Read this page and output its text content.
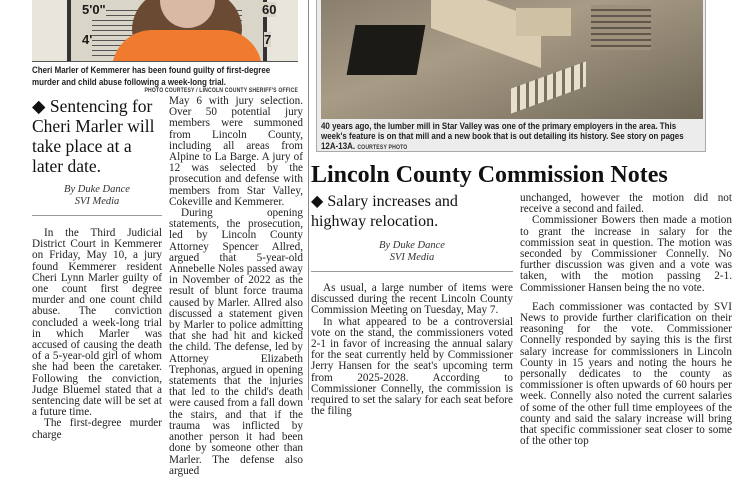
5'0"	60
4'	7
Cheri Marler of Kemmerer has been found guilty of first-degree murder and child abuse following a week-long trial.
PHOTO COURTESY / LINCOLN COUNTY SHERIFF'S OFFICE
◆ Sentencing for Cheri Marler will take place at a later date.
By Duke Dance
SVI Media

In the Third Judicial District Court in Kemmerer on Friday, May 10, a jury found Kemmerer resident Cheri Lynn Marler guilty of one count first degree murder and one count child abuse. The conviction concluded a week-long trial in which Marler was accused of causing the death of a 5-year-old girl of whom she had been the caretaker. Following the conviction, Judge Bluemel stated that a sentencing date will be set at a future time.

The first-degree murder charge

May 6 with jury selection. Over 50 potential jury members were summoned from Lincoln County, including all areas from Alpine to La Barge. A jury of 12 was selected by the prosecution and defense with members from Star Valley, Cokeville and Kemmerer.

During opening statements, the prosecution, led by Lincoln County Attorney Spencer Allred, argued that 5-year-old Annebelle Noles passed away in November of 2022 as the result of blunt force trauma caused by Marler. Allred also discussed a statement given by Marler to police admitting that she had hit and kicked the child. The defense, led by Attorney Elizabeth Trephonas, argued in opening statements that the injuries that led to the child's death were caused from a fall down the stairs, and that if the trauma was inflicted by another person it had been done by someone other than Marler. The defense also argued

40 years ago, the lumber mill in Star Valley was one of the primary employers in the area. This week's feature is on that mill and a new book that is out detailing its history. See story on pages 12A-13A. COURTESY PHOTO
Lincoln County Commission Notes
◆ Salary increases and highway relocation.
By Duke Dance
SVI Media

As usual, a large number of items were discussed during the recent Lincoln County Commission Meeting on Tuesday, May 7.

In what appeared to be a controversial vote on the stand, the commissioners voted 2-1 in favor of increasing the annual salary for the seat currently held by Commissioner Jerry Hansen for the seat's upcoming term from 2025-2028. According to Commissioner Connelly, the commission is required to set the salary for each seat before the filing

unchanged, however the motion did not receive a second and failed.

Commissioner Bowers then made a motion to grant the increase in salary for the commission seat in question. The motion was seconded by Commissioner Connelly. No further discussion was given and a vote was taken, with the motion passing 2-1. Commissioner Hansen being the no vote.

Each commissioner was contacted by SVI News to provide further clarification on their reasoning for the vote. Commissioner Connelly responded by saying this is the first salary increase for commissioners in Lincoln County in 15 years and noting the hours he personally dedicates to the county as commissioner is often upwards of 60 hours per week. Connelly also noted the current salaries of some of the other full time employees of the county and said the salary increase will bring that specific commissioner seat closer to some of the other top
